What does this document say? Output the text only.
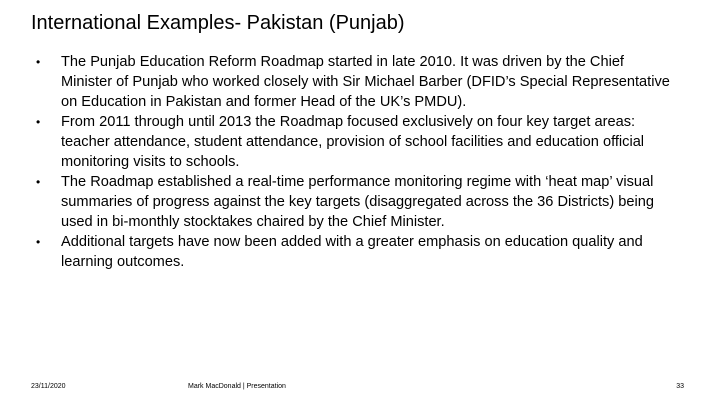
International Examples- Pakistan (Punjab)
• The Punjab Education Reform Roadmap started in late 2010. It was driven by the Chief Minister of Punjab who worked closely with Sir Michael Barber (DFID’s Special Representative on Education in Pakistan and former Head of the UK’s PMDU).
• From 2011 through until 2013 the Roadmap focused exclusively on four key target areas: teacher attendance, student attendance, provision of school facilities and education official monitoring visits to schools.
• The Roadmap established a real-time performance monitoring regime with ‘heat map’ visual summaries of progress against the key targets (disaggregated across the 36 Districts) being used in bi-monthly stocktakes chaired by the Chief Minister.
• Additional targets have now been added with a greater emphasis on education quality and learning outcomes.
23/11/2020	Mark MacDonald | Presentation	33
